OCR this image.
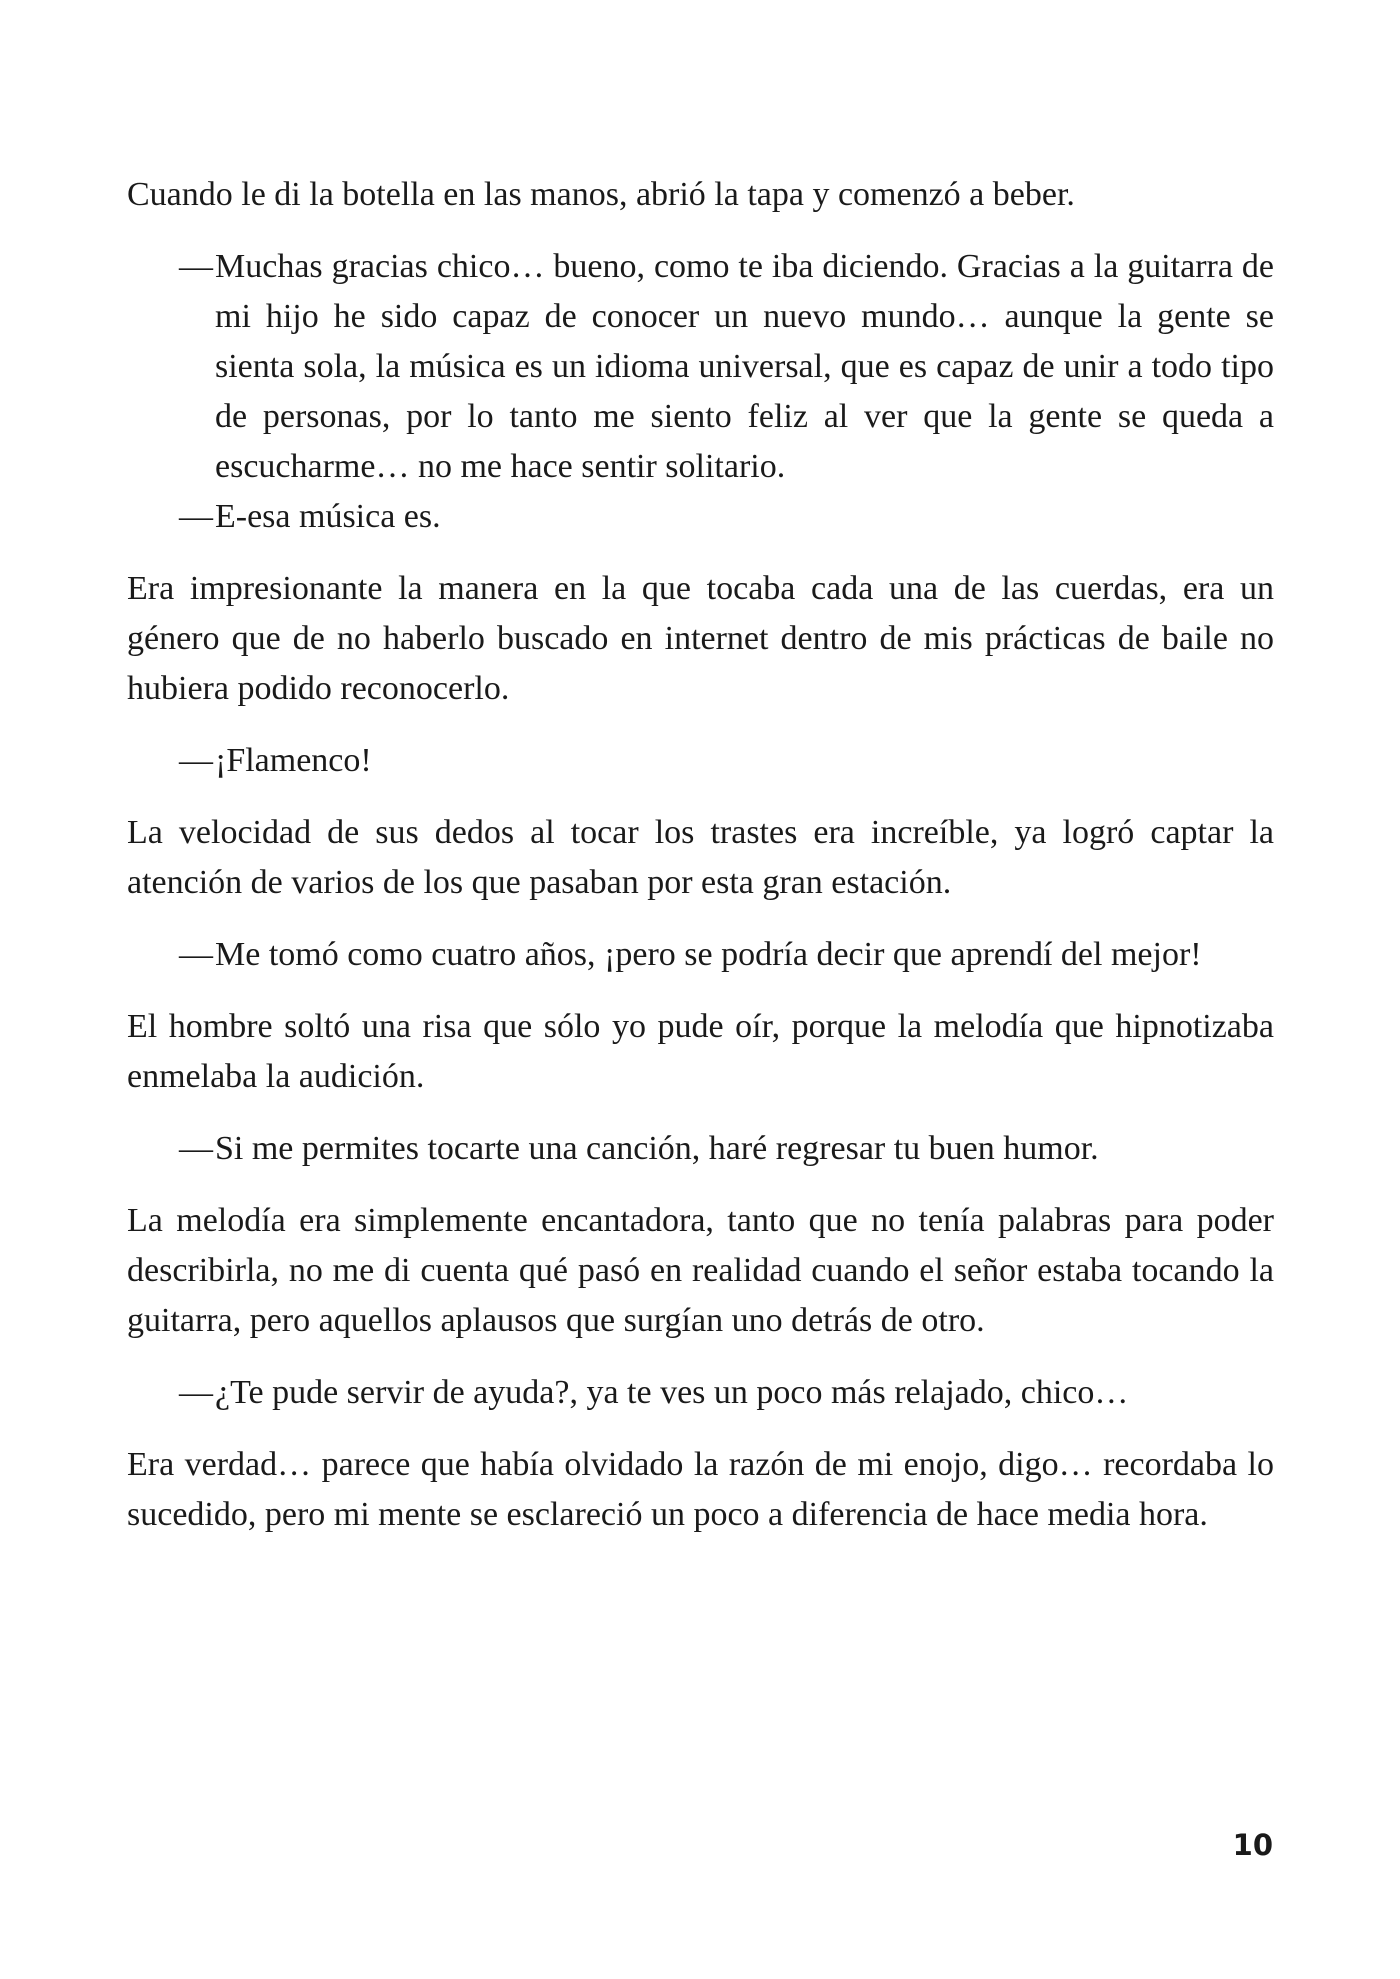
Cuando le di la botella en las manos, abrió la tapa y comenzó a beber.

—Muchas gracias chico… bueno, como te iba diciendo. Gracias a la guitarra de mi hijo he sido capaz de conocer un nuevo mundo… aunque la gente se sienta sola, la música es un idioma universal, que es capaz de unir a todo tipo de personas, por lo tanto me siento feliz al ver que la gente se queda a escucharme… no me hace sentir solitario.

—E-esa música es.

Era impresionante la manera en la que tocaba cada una de las cuerdas, era un género que de no haberlo buscado en internet dentro de mis prácticas de baile no hubiera podido reconocerlo.

—¡Flamenco!

La velocidad de sus dedos al tocar los trastes era increíble, ya logró captar la atención de varios de los que pasaban por esta gran estación.

—Me tomó como cuatro años, ¡pero se podría decir que aprendí del mejor!

El hombre soltó una risa que sólo yo pude oír, porque la melodía que hipnotizaba enmelaba la audición.

—Si me permites tocarte una canción, haré regresar tu buen humor.

La melodía era simplemente encantadora, tanto que no tenía palabras para poder describirla, no me di cuenta qué pasó en realidad cuando el señor estaba tocando la guitarra, pero aquellos aplausos que surgían uno detrás de otro.

—¿Te pude servir de ayuda?, ya te ves un poco más relajado, chico…

Era verdad… parece que había olvidado la razón de mi enojo, digo… recordaba lo sucedido, pero mi mente se esclareció un poco a diferencia de hace media hora.

10
